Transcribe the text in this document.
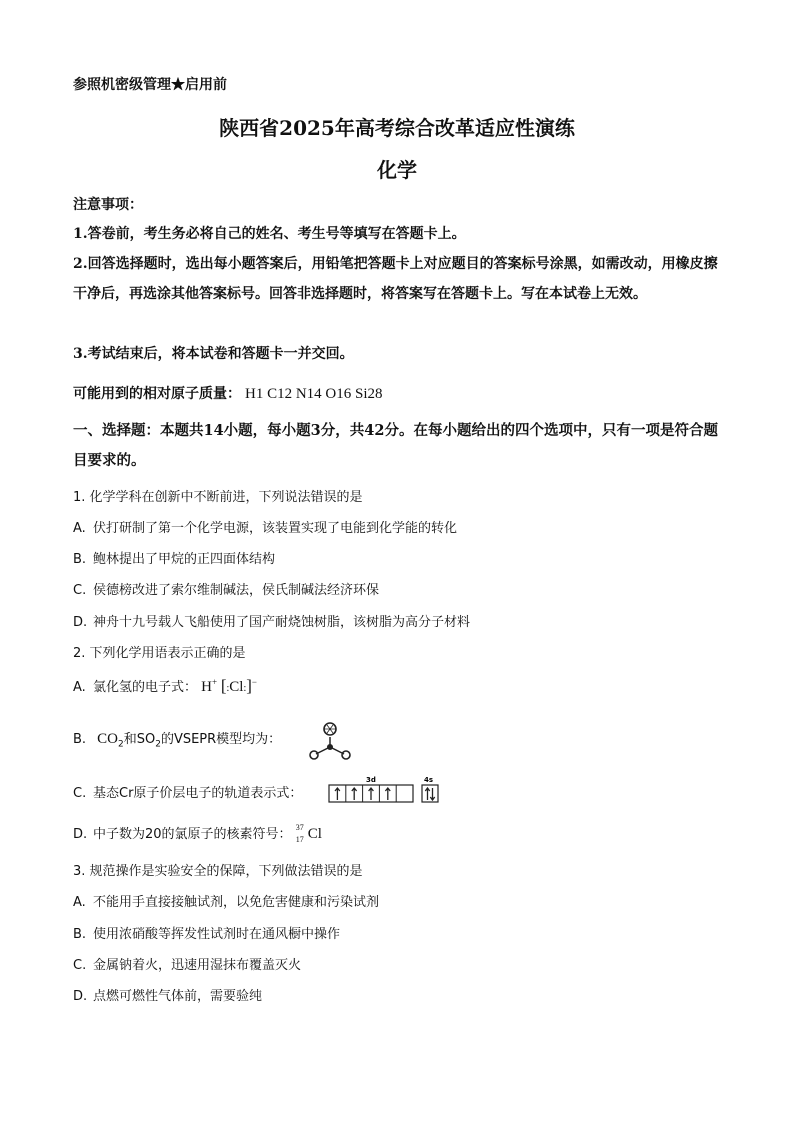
参照机密级管理★启用前
陕西省2025年高考综合改革适应性演练
化学
注意事项：
1.答卷前，考生务必将自己的姓名、考生号等填写在答题卡上。
2.回答选择题时，选出每小题答案后，用铅笔把答题卡上对应题目的答案标号涂黑，如需改动，用橡皮擦干净后，再选涂其他答案标号。回答非选择题时，将答案写在答题卡上。写在本试卷上无效。
3.考试结束后，将本试卷和答题卡一并交回。
可能用到的相对原子质量： H1 C12 N14 O16 Si28
一、选择题：本题共14小题，每小题3分，共42分。在每小题给出的四个选项中，只有一项是符合题目要求的。
1. 化学学科在创新中不断前进，下列说法错误的是
A. 伏打研制了第一个化学电源，该装置实现了电能到化学能的转化
B. 鲍林提出了甲烷的正四面体结构
C. 侯德榜改进了索尔维制碱法，侯氏制碱法经济环保
D. 神舟十九号载人飞船使用了国产耐烧蚀树脂，该树脂为高分子材料
2. 下列化学用语表示正确的是
A. 氯化氢的电子式： H+ [:Cl:]−
B. $CO_2$和$SO_2$的VSEPR模型均为：
C. 基态Cr原子价层电子的轨道表示式：
3d	4s
D. 中子数为20的氯原子的核素符号： 37
17 Cl
3. 规范操作是实验安全的保障，下列做法错误的是
A. 不能用手直接接触试剂，以免危害健康和污染试剂
B. 使用浓硝酸等挥发性试剂时在通风橱中操作
C. 金属钠着火，迅速用湿抹布覆盖灭火
D. 点燃可燃性气体前，需要验纯
